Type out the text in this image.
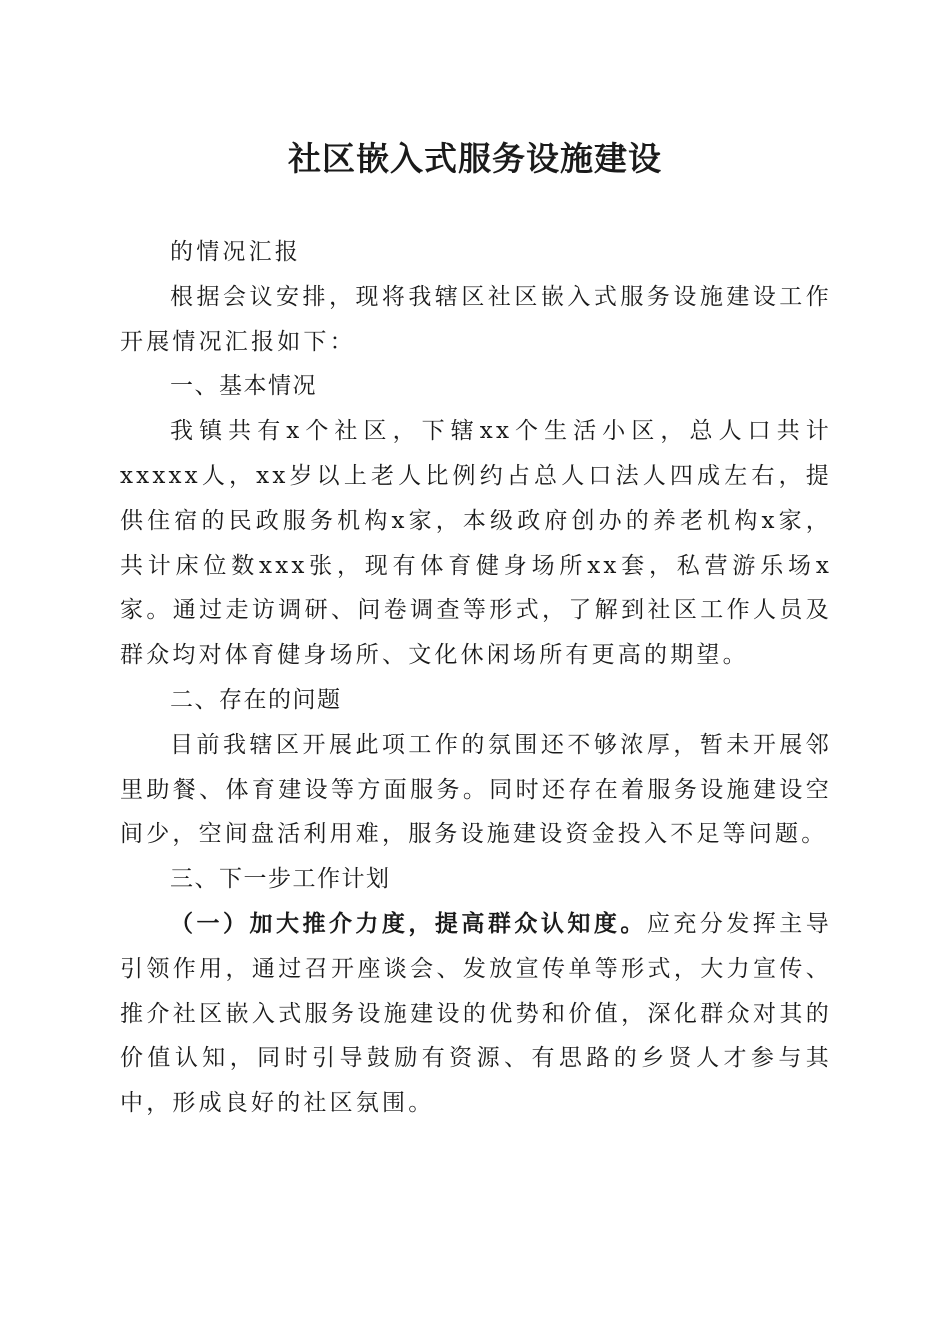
社区嵌入式服务设施建设

的情况汇报

根据会议安排，现将我辖区社区嵌入式服务设施建设工作开展情况汇报如下：

一、基本情况

我镇共有x个社区，下辖xx个生活小区，总人口共计xxxxx人，xx岁以上老人比例约占总人口法人四成左右，提供住宿的民政服务机构x家，本级政府创办的养老机构x家，共计床位数xxx张，现有体育健身场所xx套，私营游乐场x家。通过走访调研、问卷调查等形式，了解到社区工作人员及群众均对体育健身场所、文化休闲场所有更高的期望。

二、存在的问题

目前我辖区开展此项工作的氛围还不够浓厚，暂未开展邻里助餐、体育建设等方面服务。同时还存在着服务设施建设空间少，空间盘活利用难，服务设施建设资金投入不足等问题。

三、下一步工作计划

（一）加大推介力度，提高群众认知度。应充分发挥主导引领作用，通过召开座谈会、发放宣传单等形式，大力宣传、推介社区嵌入式服务设施建设的优势和价值，深化群众对其的价值认知，同时引导鼓励有资源、有思路的乡贤人才参与其中，形成良好的社区氛围。
